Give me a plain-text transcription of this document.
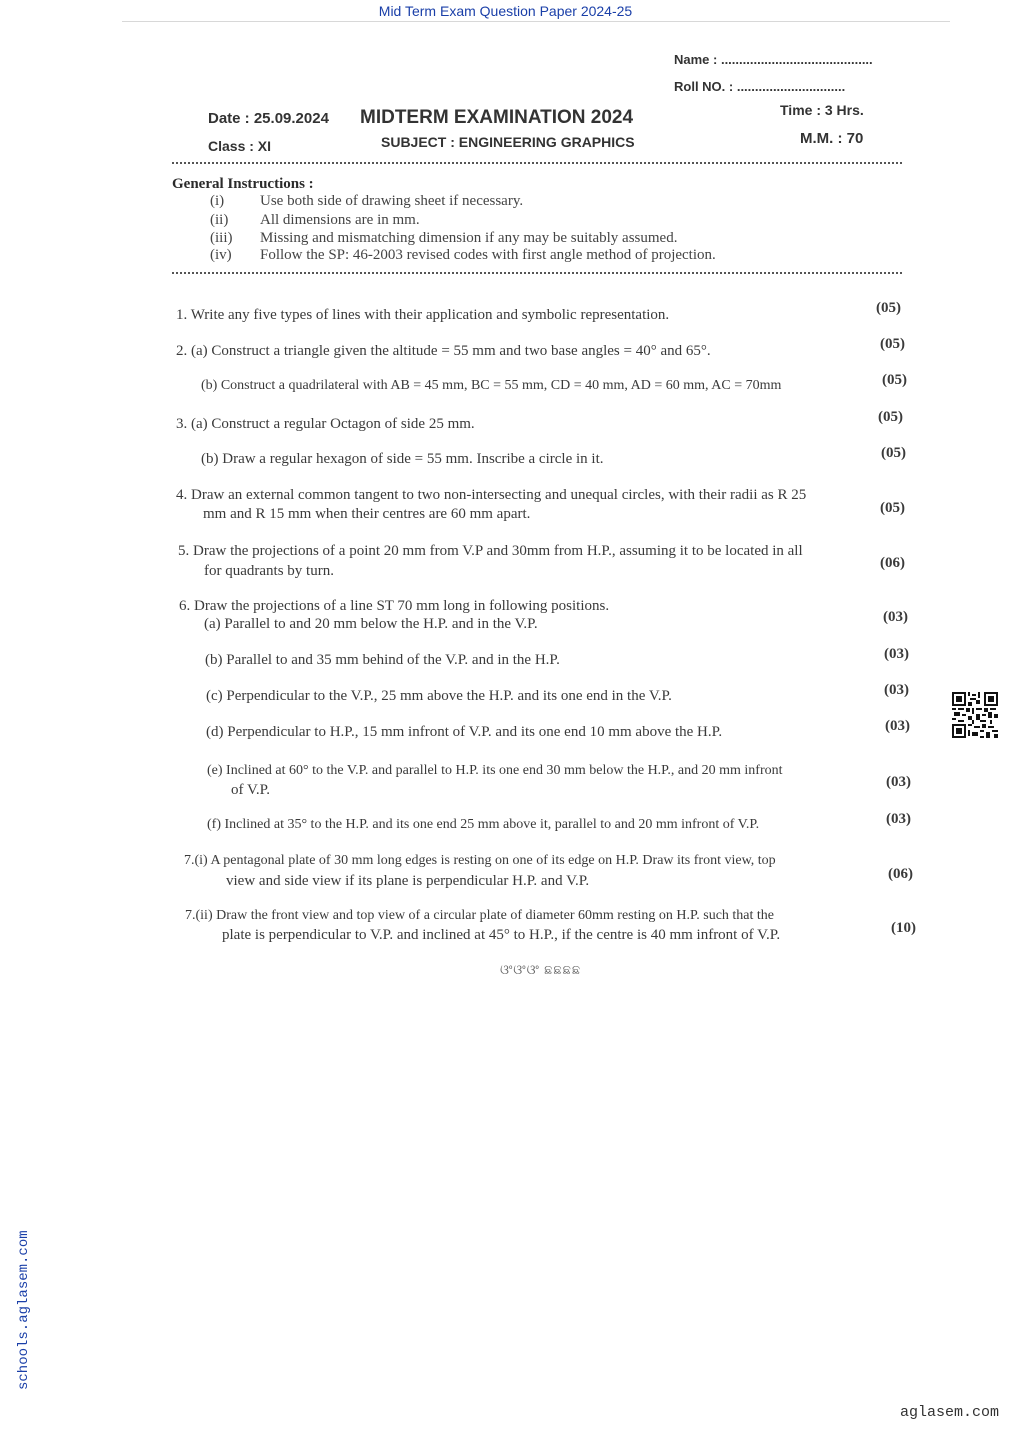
Mid Term Exam Question Paper 2024-25
Name : ..........................................
Roll NO. : ..............................
Date : 25.09.2024
Class : XI
MIDTERM EXAMINATION 2024
SUBJECT : ENGINEERING GRAPHICS
Time : 3 Hrs.
M.M. : 70
General Instructions :
(i) Use both side of drawing sheet if necessary.
(ii) All dimensions are in mm.
(iii) Missing and mismatching dimension if any may be suitably assumed.
(iv) Follow the SP: 46-2003 revised codes with first angle method of projection.
1. Write any five types of lines with their application and symbolic representation.	(05)
2. (a) Construct a triangle given the altitude = 55 mm and two base angles = 40° and 65°.	(05)
(b) Construct a quadrilateral with AB = 45 mm, BC = 55 mm, CD = 40 mm, AD = 60 mm, AC = 70mm	(05)
3. (a) Construct a regular Octagon of side 25 mm.	(05)
(b) Draw a regular hexagon of side = 55 mm. Inscribe a circle in it.	(05)
4. Draw an external common tangent to two non-intersecting and unequal circles, with their radii as R 25
mm and R 15 mm when their centres are 60 mm apart.	(05)
5. Draw the projections of a point 20 mm from V.P and 30mm from H.P., assuming it to be located in all
for quadrants by turn.	(06)
6. Draw the projections of a line ST 70 mm long in following positions.
(a) Parallel to and 20 mm below the H.P. and in the V.P.	(03)
(b) Parallel to and 35 mm behind of the V.P. and in the H.P.	(03)
(c) Perpendicular to the V.P., 25 mm above the H.P. and its one end in the V.P.	(03)
(d) Perpendicular to H.P., 15 mm infront of V.P. and its one end 10 mm above the H.P.	(03)
(e) Inclined at 60° to the V.P. and parallel to H.P. its one end 30 mm below the H.P., and 20 mm infront
of V.P.	(03)
(f) Inclined at 35° to the H.P. and its one end 25 mm above it, parallel to and 20 mm infront of V.P.	(03)
7.(i) A pentagonal plate of 30 mm long edges is resting on one of its edge on H.P. Draw its front view, top
view and side view if its plane is perpendicular H.P. and V.P.	(06)
7.(ii) Draw the front view and top view of a circular plate of diameter 60mm resting on H.P. such that the
plate is perpendicular to V.P. and inclined at 45° to H.P., if the centre is 40 mm infront of V.P.	(10)
ଓଂଓଂଓଂ ଛଛଛଛ
schools.aglasem.com
aglasem.com
